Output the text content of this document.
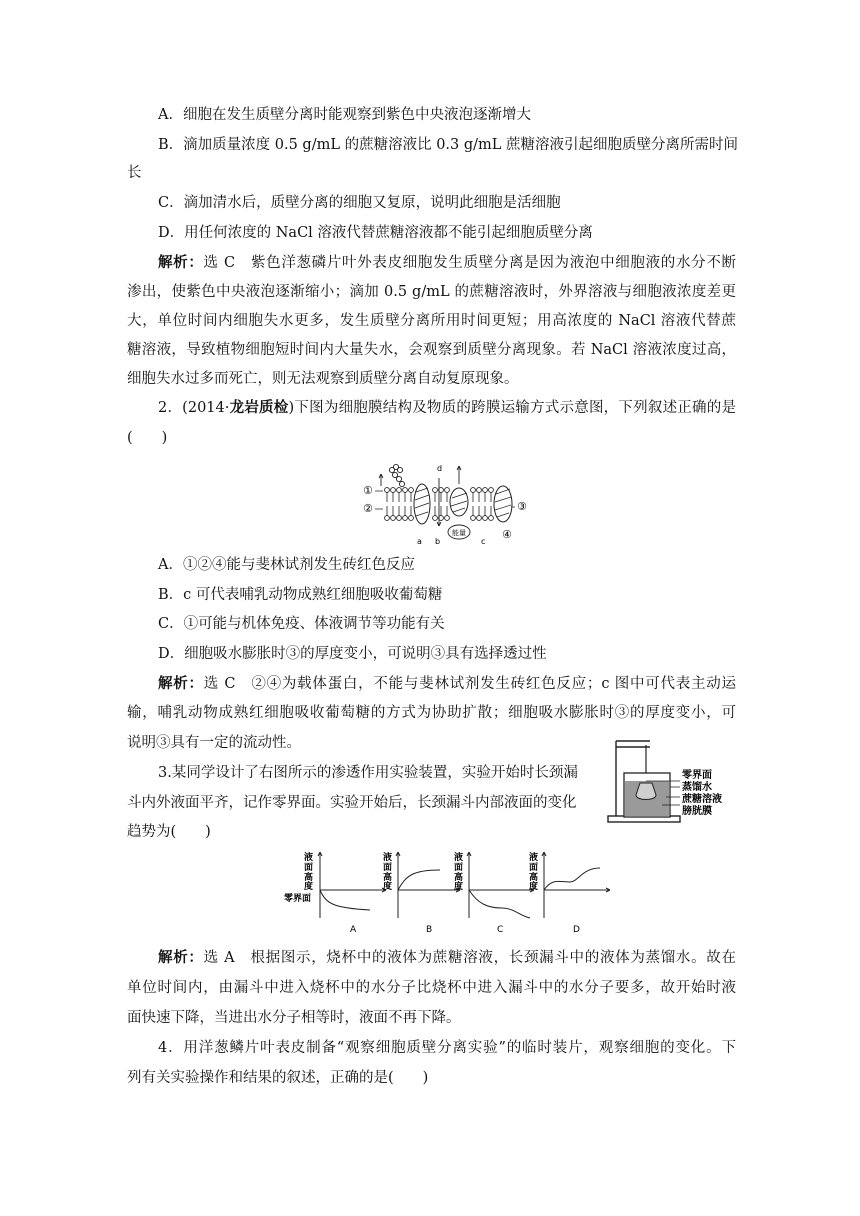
A．细胞在发生质壁分离时能观察到紫色中央液泡逐渐增大
B．滴加质量浓度 0.5 g/mL 的蔗糖溶液比 0.3 g/mL 蔗糖溶液引起细胞质壁分离所需时间
长
C．滴加清水后，质壁分离的细胞又复原，说明此细胞是活细胞
D．用任何浓度的 NaCl 溶液代替蔗糖溶液都不能引起细胞质壁分离
解析：选 C　紫色洋葱磷片叶外表皮细胞发生质壁分离是因为液泡中细胞液的水分不断
渗出，使紫色中央液泡逐渐缩小；滴加 0.5 g/mL 的蔗糖溶液时，外界溶液与细胞液浓度差更
大，单位时间内细胞失水更多，发生质壁分离所用时间更短；用高浓度的 NaCl 溶液代替蔗
糖溶液，导致植物细胞短时间内大量失水，会观察到质壁分离现象。若 NaCl 溶液浓度过高，
细胞失水过多而死亡，则无法观察到质壁分离自动复原现象。
2．(2014·龙岩质检)下图为细胞膜结构及物质的跨膜运输方式示意图，下列叙述正确的是
(　　)
能量
①
②	③
④
a b	c
d
A．①②④能与斐林试剂发生砖红色反应
B．c 可代表哺乳动物成熟红细胞吸收葡萄糖
C．①可能与机体免疫、体液调节等功能有关
D．细胞吸水膨胀时③的厚度变小，可说明③具有选择透过性
解析：选 C　②④为载体蛋白，不能与斐林试剂发生砖红色反应；c 图中可代表主动运
输，哺乳动物成熟红细胞吸收葡萄糖的方式为协助扩散；细胞吸水膨胀时③的厚度变小，可
说明③具有一定的流动性。
3.某同学设计了右图所示的渗透作用实验装置，实验开始时长颈漏
斗内外液面平齐，记作零界面。实验开始后，长颈漏斗内部液面的变化
趋势为(　　)
零界面
蒸馏水
蔗糖溶液
膀胱膜
液
面
高
度
零界面
A
液
面
高
度
B
液
面
高
度
C
液
面
高
度
D
解析：选 A　根据图示，烧杯中的液体为蔗糖溶液，长颈漏斗中的液体为蒸馏水。故在
单位时间内，由漏斗中进入烧杯中的水分子比烧杯中进入漏斗中的水分子要多，故开始时液
面快速下降，当进出水分子相等时，液面不再下降。
4．用洋葱鳞片叶表皮制备“观察细胞质壁分离实验”的临时装片，观察细胞的变化。下
列有关实验操作和结果的叙述，正确的是(　　)
